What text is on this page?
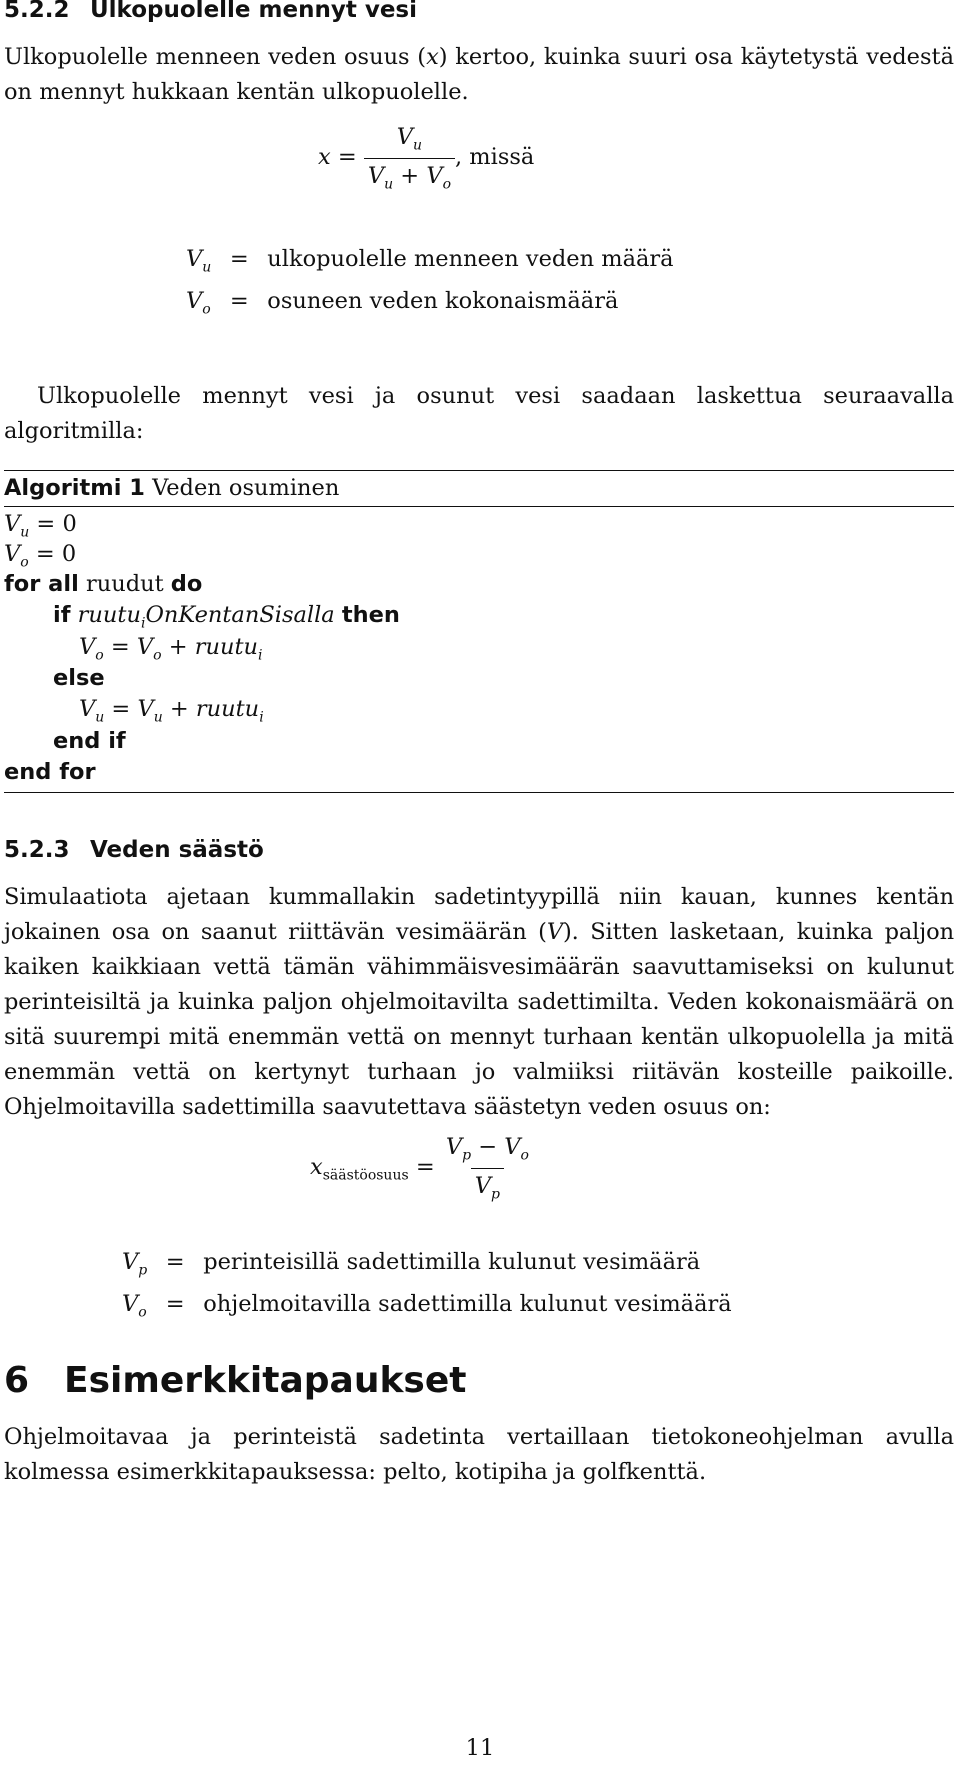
5.2.2 Ulkopuolelle mennyt vesi

Ulkopuolelle menneen veden osuus (x) kertoo, kuinka suuri osa käytetystä vedestä on mennyt hukkaan kentän ulkopuolelle.

$x = \frac{V_u}{V_u + V_o}$ , missä
$V_u$ = ulkopuolelle menneen veden määrä
$V_o$ = osuneen veden kokonaismäärä

Ulkopuolelle mennyt vesi ja osunut vesi saadaan laskettua seuraavalla algoritmilla:

Algoritmi 1 Veden osuminen
$V_u = 0$
$V_o = 0$
for all ruudut do
if ruutu$_i$OnKentanSisalla then
$V_o = V_o$ + ruutu$_i$
else
$V_u = V_u$ + ruutu$_i$
end if
end for
5.2.3 Veden säästö

Simulaatiota ajetaan kummallakin sadetintyypillä niin kauan, kunnes kentän jokainen osa on saanut riittävän vesimäärän (V). Sitten lasketaan, kuinka paljon kaiken kaikkiaan vettä tämän vähimmäisvesimäärän saavuttamiseksi on kulunut perinteisiltä ja kuinka paljon ohjelmoitavilta sadettimilta. Veden kokonaismäärä on sitä suurempi mitä enemmän vettä on mennyt turhaan kentän ulkopuolella ja mitä enemmän vettä on kertynyt turhaan jo valmiiksi riitävän kosteille paikoille. Ohjelmoitavilla sadettimilla saavutettava säästetyn veden osuus on:

$x_{säästöosuus} = \frac{V_p - V_o}{V_p}$
$V_p$ = perinteisillä sadettimilla kulunut vesimäärä
$V_o$ = ohjelmoitavilla sadettimilla kulunut vesimäärä
6 Esimerkkitapaukset

Ohjelmoitavaa ja perinteistä sadetinta vertaillaan tietokoneohjelman avulla kolmessa esimerkkitapauksessa: pelto, kotipiha ja golfkenttä.

11
